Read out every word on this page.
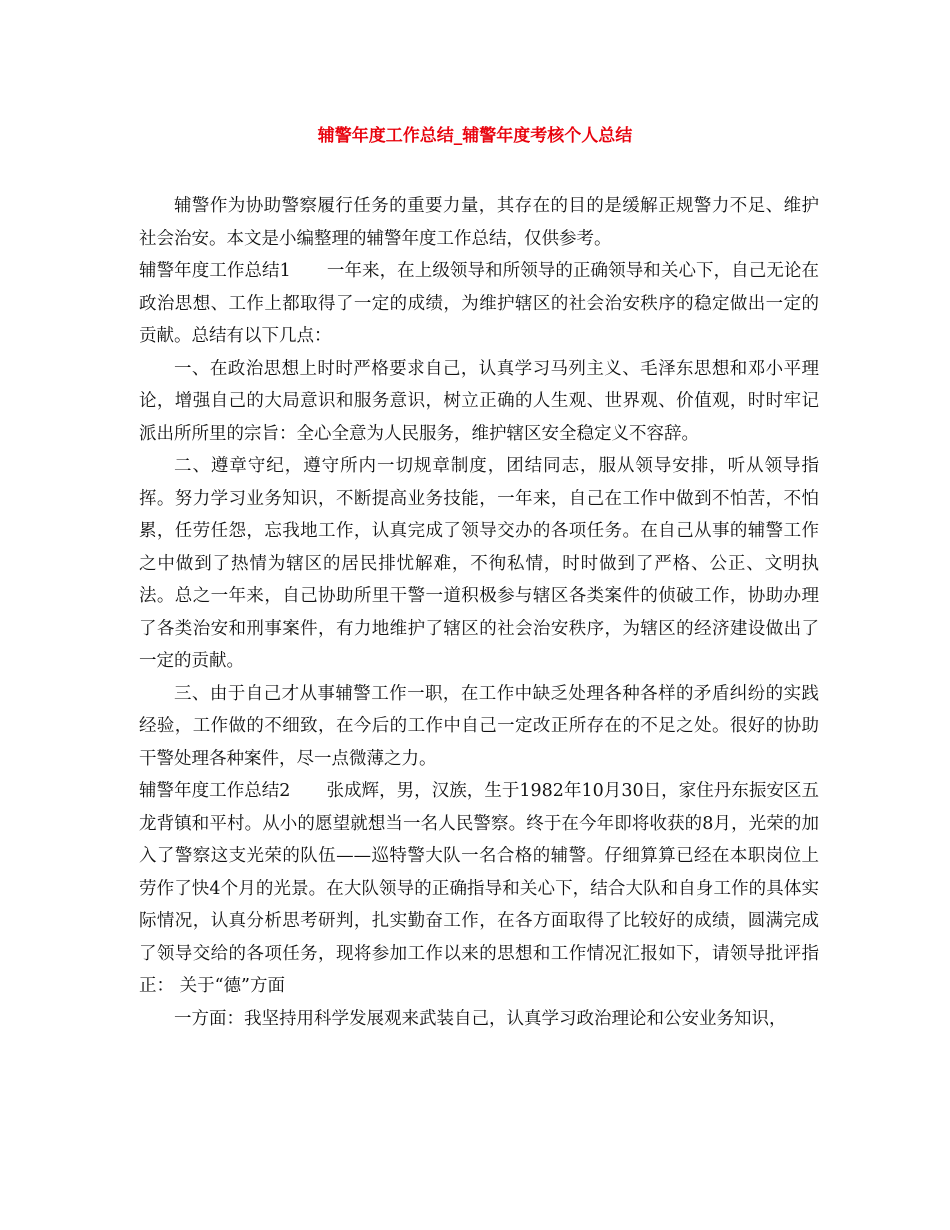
辅警年度工作总结_辅警年度考核个人总结

辅警作为协助警察履行任务的重要力量，其存在的目的是缓解正规警力不足、维护社会治安。本文是小编整理的辅警年度工作总结，仅供参考。

辅警年度工作总结1 一年来，在上级领导和所领导的正确领导和关心下，自己无论在政治思想、工作上都取得了一定的成绩，为维护辖区的社会治安秩序的稳定做出一定的贡献。总结有以下几点：

一、在政治思想上时时严格要求自己，认真学习马列主义、毛泽东思想和邓小平理论，增强自己的大局意识和服务意识，树立正确的人生观、世界观、价值观，时时牢记派出所所里的宗旨：全心全意为人民服务，维护辖区安全稳定义不容辞。

二、遵章守纪，遵守所内一切规章制度，团结同志，服从领导安排，听从领导指挥。努力学习业务知识，不断提高业务技能，一年来，自己在工作中做到不怕苦，不怕累，任劳任怨，忘我地工作，认真完成了领导交办的各项任务。在自己从事的辅警工作之中做到了热情为辖区的居民排忧解难，不徇私情，时时做到了严格、公正、文明执法。总之一年来，自己协助所里干警一道积极参与辖区各类案件的侦破工作，协助办理了各类治安和刑事案件，有力地维护了辖区的社会治安秩序，为辖区的经济建设做出了一定的贡献。

三、由于自己才从事辅警工作一职，在工作中缺乏处理各种各样的矛盾纠纷的实践经验，工作做的不细致，在今后的工作中自己一定改正所存在的不足之处。很好的协助干警处理各种案件，尽一点微薄之力。

辅警年度工作总结2 张成辉，男，汉族，生于1982年10月30日，家住丹东振安区五龙背镇和平村。从小的愿望就想当一名人民警察。终于在今年即将收获的8月，光荣的加入了警察这支光荣的队伍——巡特警大队一名合格的辅警。仔细算算已经在本职岗位上劳作了快4个月的光景。在大队领导的正确指导和关心下，结合大队和自身工作的具体实际情况，认真分析思考研判，扎实勤奋工作，在各方面取得了比较好的成绩，圆满完成了领导交给的各项任务，现将参加工作以来的思想和工作情况汇报如下，请领导批评指正： 关于“德”方面

一方面：我坚持用科学发展观来武装自己，认真学习政治理论和公安业务知识，
